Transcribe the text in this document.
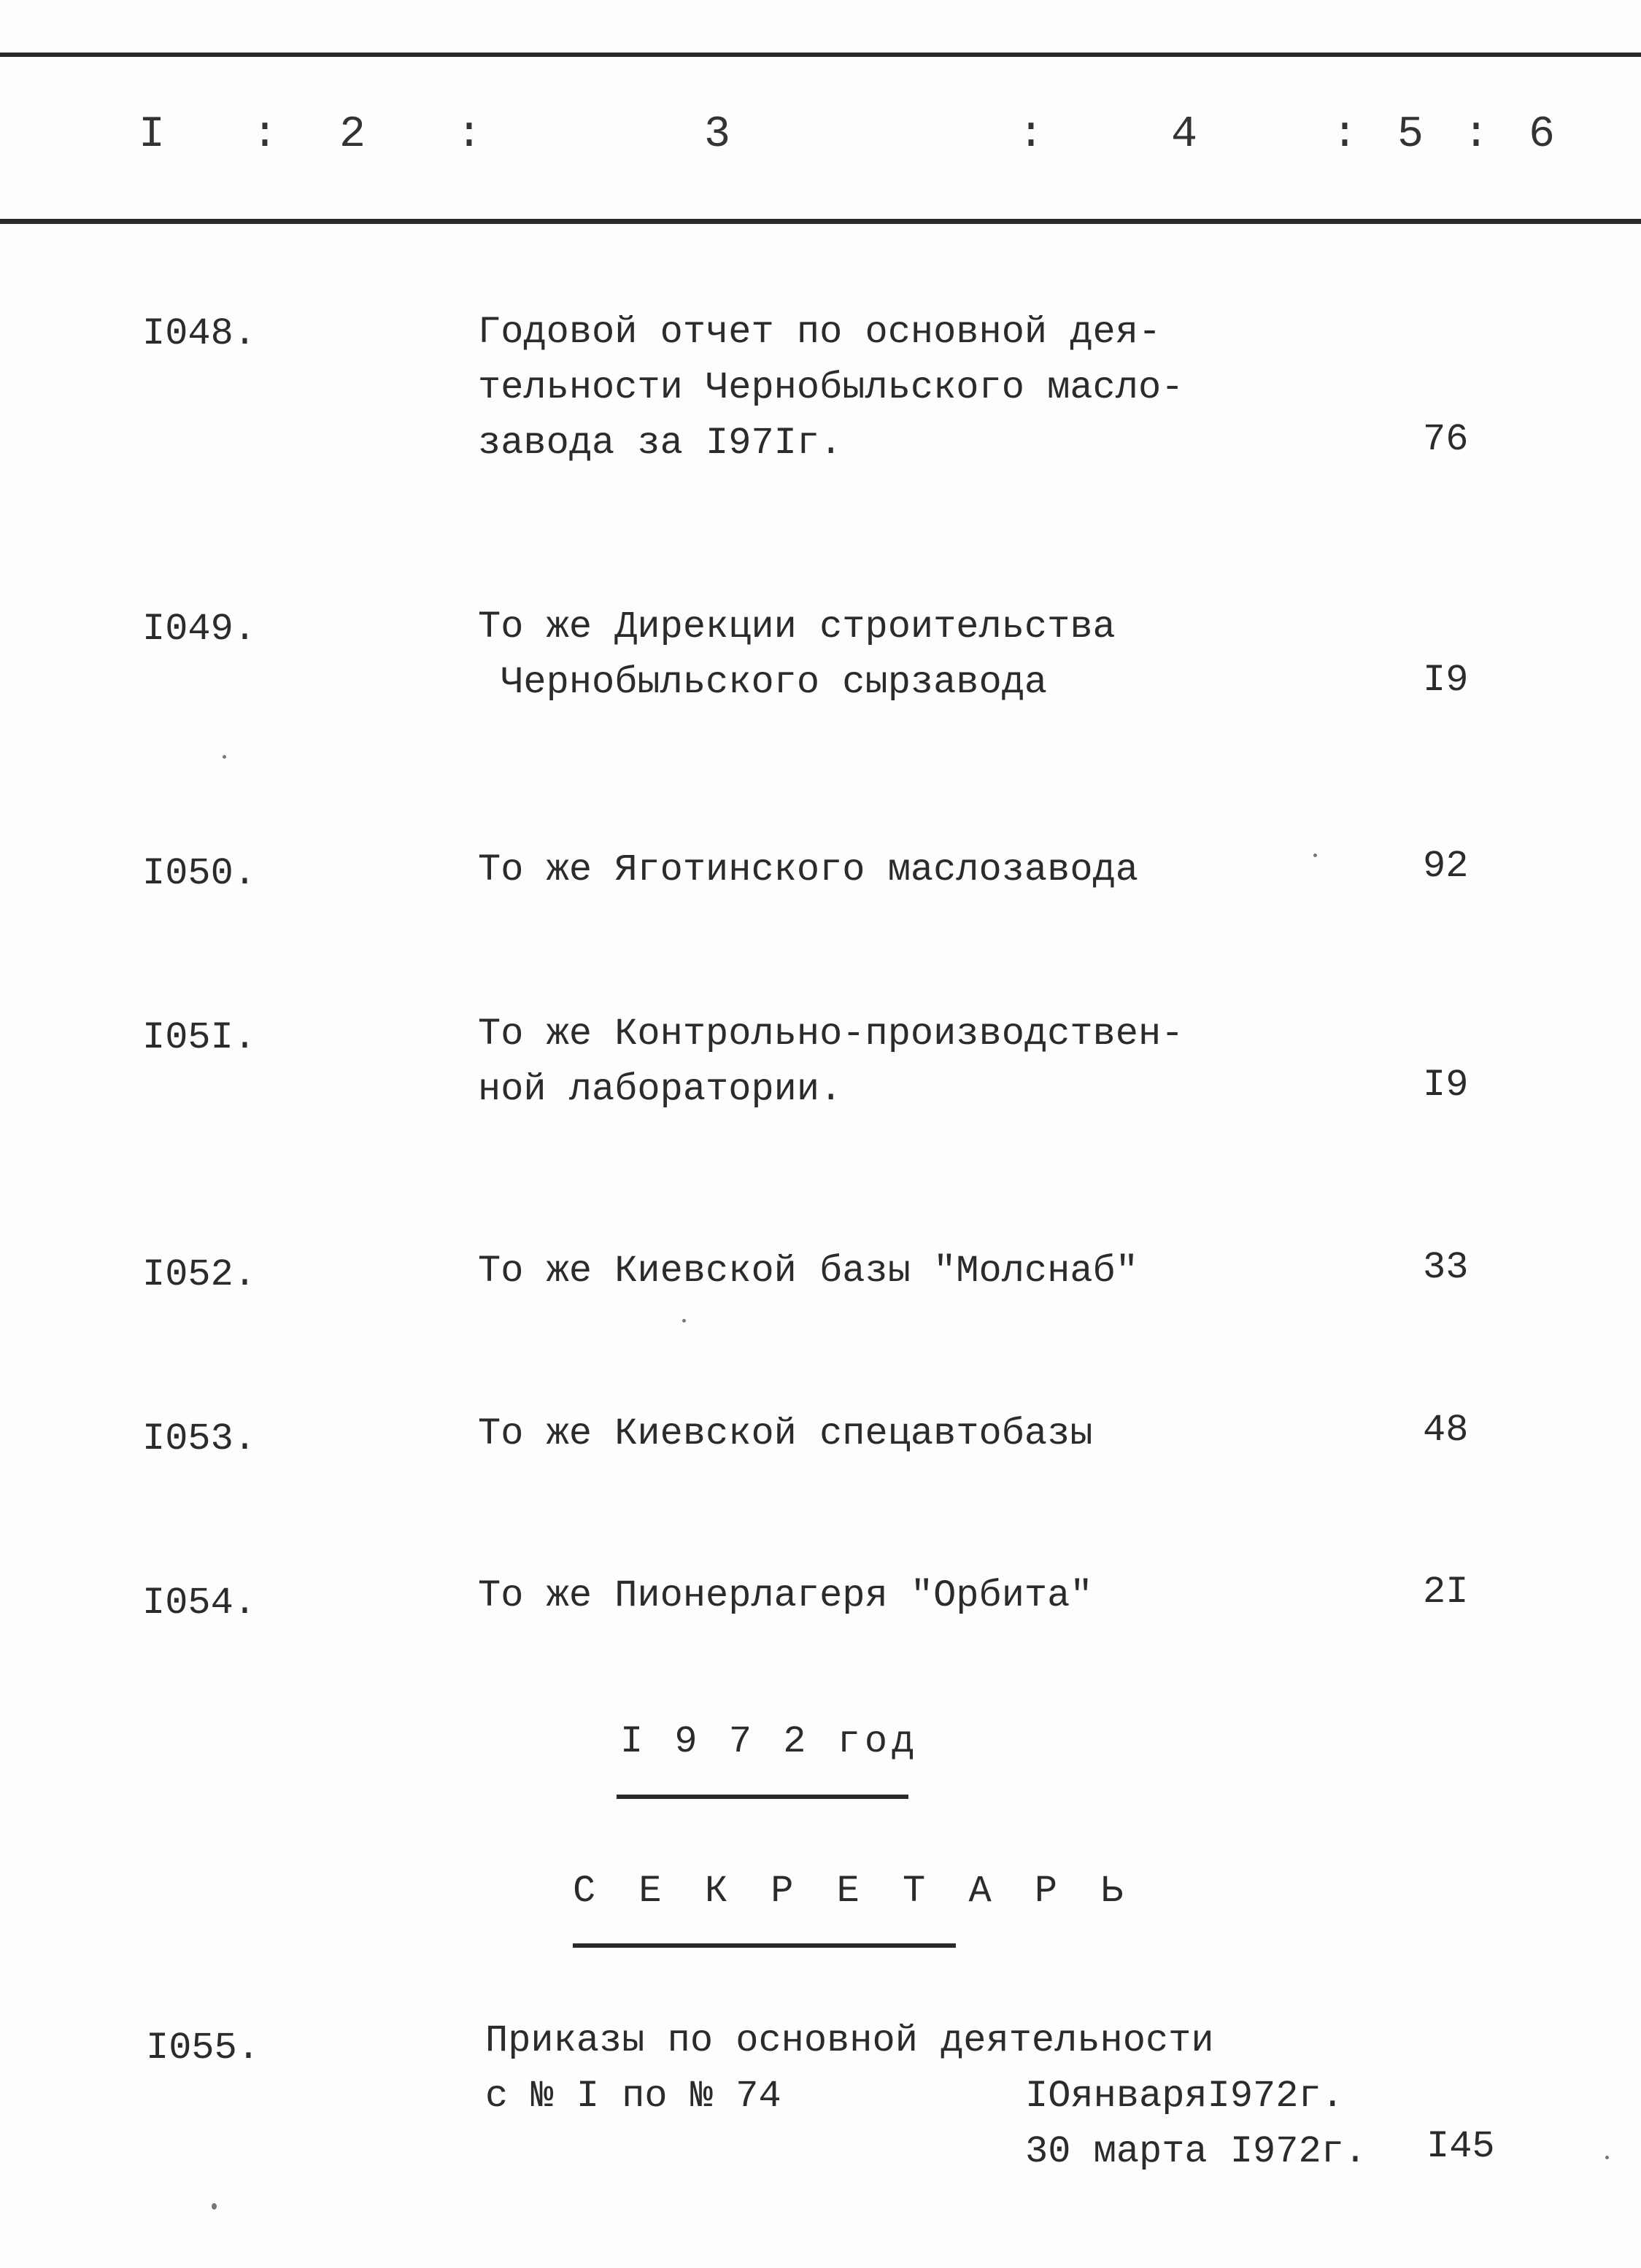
I : 2 :	3	:	4	: 5 : 6
I048.	Годовой отчет по основной дея-
тельности Чернобыльского масло-
завода за I97Iг.	76
I049.	То же Дирекции строительства
Чернобыльского сырзавода	I9
I050.	То же Яготинского маслозавода	92
I05I.	То же Контрольно-производствен-
ной лаборатории.	I9
I052.	То же Киевской базы "Молснаб"	33
I053.	То же Киевской спецавтобазы	48
I054.	То же Пионерлагеря "Орбита"	2I
I 9 7 2 год
С Е К Р Е Т А Р Ь
I055.	Приказы по основной деятельности
с № I по № 74	IOянваряI972г.
30 марта I972г. I45
